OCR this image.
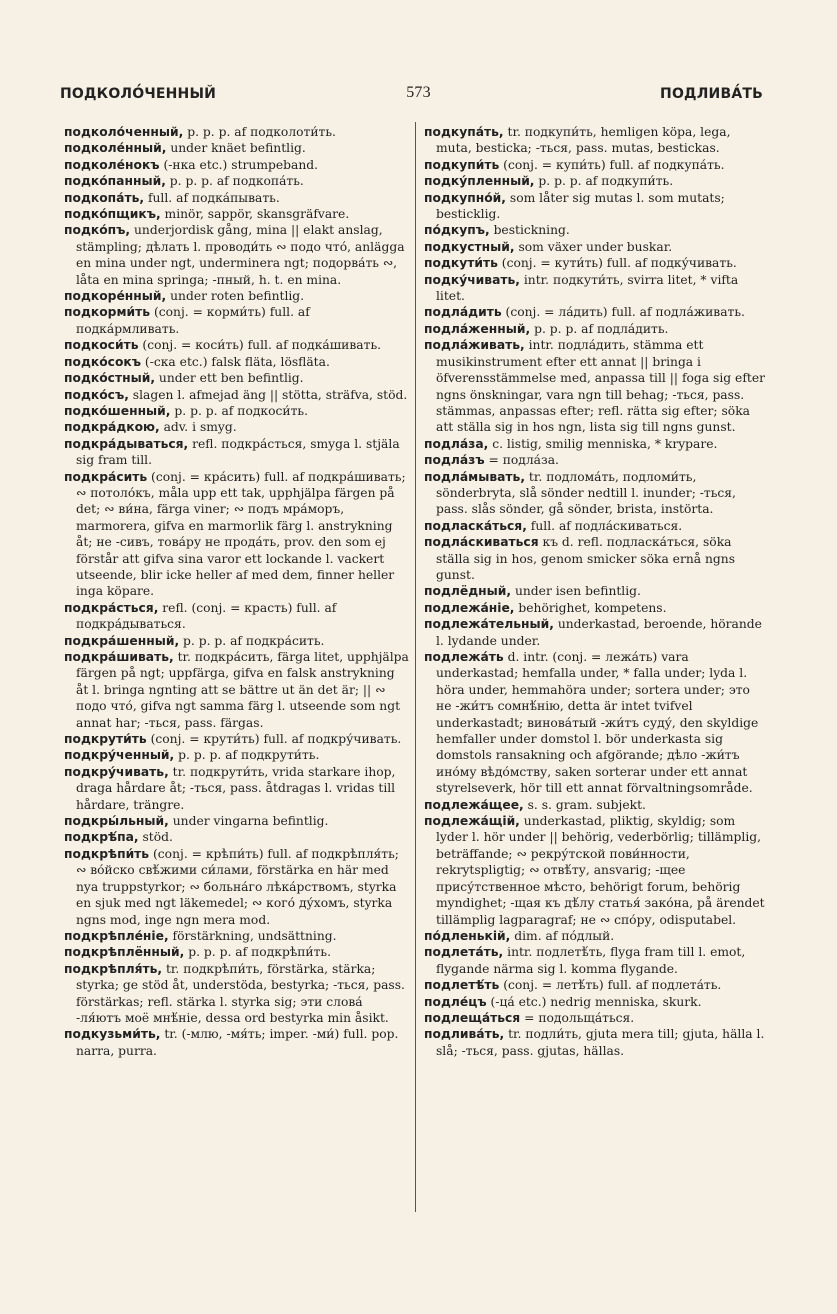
ПОДКОЛО́ЧЕННЫЙ	573	ПОДЛИВА́ТЬ

подколо́ченный, p. p. p. af подколоти́ть.

подколе́нный, under knäet befintlig.

подколе́нокъ (-нка etc.) strumpeband.

подко́панный, p. p. p. af подкопа́ть.

подкопа́ть, full. af подка́пывать.

подко́пщикъ, minör, sappör, skansgräfvare.

подко́пъ, underjordisk gång, mina || elakt anslag, stämpling; дѣлать l. проводи́ть ∾ подо что́, anlägga en mina under ngt, underminera ngt; подорва́ть ∾, låta en mina springa; -пный, h. t. en mina.

подкоре́нный, under roten befintlig.

подкорми́ть (conj. = корми́ть) full. af подка́рмливать.

подкоси́ть (conj. = коси́ть) full. af подка́шивать.

подко́сокъ (-ска etc.) falsk fläta, lösfläta.

подко́стный, under ett ben befintlig.

подко́съ, slagen l. afmejad äng || stötta, sträfva, stöd.

подко́шенный, p. p. p. af подкоси́ть.

подкра́дкою, adv. i smyg.

подкра́дываться, refl. подкра́сться, smyga l. stjäla sig fram till.

подкра́сить (conj. = кра́сить) full. af подкра́шивать; ∾ потоло́къ, måla upp ett tak, upphjälpa färgen på det; ∾ ви́на, färga viner; ∾ подъ мра́моръ, marmorera, gifva en marmorlik färg l. anstrykning åt; не -сивъ, това́ру не прода́ть, prov. den som ej förstår att gifva sina varor ett lockande l. vackert utseende, blir icke heller af med dem, finner heller inga köpare.

подкра́сться, refl. (conj. = красть) full. af подкра́дываться.

подкра́шенный, p. p. p. af подкра́сить.

подкра́шивать, tr. подкра́сить, färga litet, upphjälpa färgen på ngt; uppfärga, gifva en falsk anstrykning åt l. bringa ngnting att se bättre ut än det är; || ∾ подо что́, gifva ngt samma färg l. utseende som ngt annat har; -ться, pass. färgas.

подкрути́ть (conj. = крути́ть) full. af подкру́чивать.

подкру́ченный, p. p. p. af подкрути́ть.

подкру́чивать, tr. подкрути́ть, vrida starkare ihop, draga hårdare åt; -ться, pass. åtdragas l. vridas till hårdare, trängre.

подкры́льный, under vingarna befintlig.

подкрѣ́па, stöd.

подкрѣпи́ть (conj. = крѣпи́ть) full. af подкрѣпля́ть; ∾ во́йско свѣ́жими си́лами, förstärka en här med nya truppstyrkor; ∾ больна́го лѣка́рствомъ, styrka en sjuk med ngt läkemedel; ∾ кого́ ду́хомъ, styrka ngns mod, inge ngn mera mod.

подкрѣпле́ніе, förstärkning, undsättning.

подкрѣплённый, p. p. p. af подкрѣпи́ть.

подкрѣпля́ть, tr. подкрѣпи́ть, förstärka, stärka; styrka; ge stöd åt, understöda, bestyrka; -ться, pass. förstärkas; refl. stärka l. styrka sig; эти слова́ -ля́ютъ моё мнѣ́ніе, dessa ord bestyrka min åsikt.

подкузьми́ть, tr. (-млю, -мя́ть; imper. -ми́) full. pop. narra, purra.

подкупа́ть, tr. подкупи́ть, hemligen köpa, lega, muta, besticka; -ться, pass. mutas, bestickas.

подкупи́ть (conj. = купи́ть) full. af подкупа́ть.

подку́пленный, p. p. p. af подкупи́ть.

подкупно́й, som låter sig mutas l. som mutats; besticklig.

по́дкупъ, bestickning.

подкустный, som växer under buskar.

подкути́ть (conj. = кути́ть) full. af подку́чивать.

подку́чивать, intr. подкути́ть, svirra litet, * vifta litet.

подла́дить (conj. = ла́дить) full. af подла́живать.

подла́женный, p. p. p. af подла́дить.

подла́живать, intr. подла́дить, stämma ett musikinstrument efter ett annat || bringa i öfverensstämmelse med, anpassa till || foga sig efter ngns önskningar, vara ngn till behag; -ться, pass. stämmas, anpassas efter; refl. rätta sig efter; söka att ställa sig in hos ngn, lista sig till ngns gunst.

подла́за, c. listig, smilig menniska, * krypare.

подла́зъ = подла́за.

подла́мывать, tr. подлома́ть, подломи́ть, sönderbryta, slå sönder nedtill l. inunder; -ться, pass. slås sönder, gå sönder, brista, instörta.

подласка́ться, full. af подла́скиваться.

подла́скиваться къ d. refl. подласка́ться, söka ställa sig in hos, genom smicker söka ernå ngns gunst.

подлёдный, under isen befintlig.

подлежа́ніе, behörighet, kompetens.

подлежа́тельный, underkastad, beroende, hörande l. lydande under.

подлежа́ть d. intr. (conj. = лежа́ть) vara underkastad; hemfalla under, * falla under; lyda l. höra under, hemmahöra under; sortera under; это не -жи́тъ сомнѣ́нію, detta är intet tvifvel underkastadt; винова́тый -жи́тъ суду́, den skyldige hemfaller under domstol l. bör underkasta sig domstols ransakning och afgörande; дѣло -жи́тъ ино́му вѣдо́мству, saken sorterar under ett annat styrelseverk, hör till ett annat förvaltningsområde.

подлежа́щее, s. s. gram. subjekt.

подлежа́щій, underkastad, pliktig, skyldig; som lyder l. hör under || behörig, vederbörlig; tillämplig, beträffande; ∾ рекру́тской пови́нности, rekrytspligtig; ∾ отвѣ́ту, ansvarig; -щее прису́тственное мѣсто, behörigt forum, behörig myndighet; -щая къ дѣ́лу статья́ зако́на, på ärendet tillämplig lagparagraf; не ∾ спо́ру, odisputabel.

по́дленькій, dim. af по́длый.

подлета́ть, intr. подлетѣ́ть, flyga fram till l. emot, flygande närma sig l. komma flygande.

подлетѣ́ть (conj. = летѣ́ть) full. af подлета́ть.

подле́цъ (-ца́ etc.) nedrig menniska, skurk.

подлеща́ться = подольща́ться.

подлива́ть, tr. подли́ть, gjuta mera till; gjuta, hälla l. slå; -ться, pass. gjutas, hällas.
